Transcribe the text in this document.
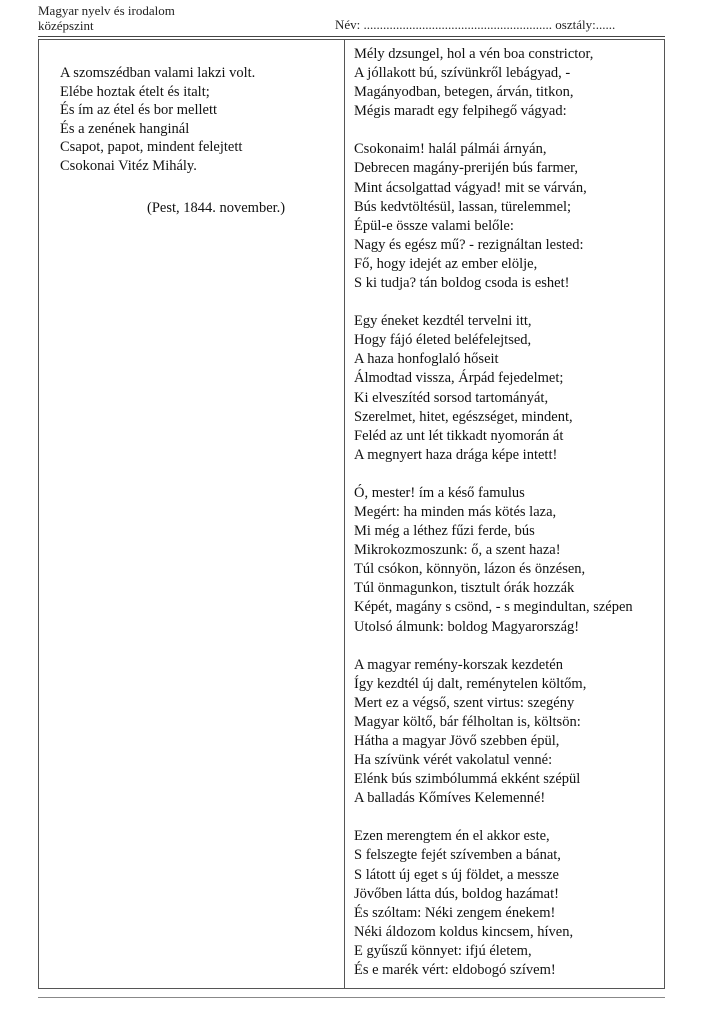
Magyar nyelv és irodalom
középszint	Név: .......................................................... osztály:......
A szomszédban valami lakzi volt.
Elébe hoztak ételt és italt;
És ím az étel és bor mellett
És a zenének hanginál
Csapot, papot, mindent felejtett
Csokonai Vitéz Mihály.
(Pest, 1844. november.)
Mély dzsungel, hol a vén boa constrictor,
A jóllakott bú, szívünkről lebágyad, -
Magányodban, betegen, árván, titkon,
Mégis maradt egy felpihegő vágyad:
Csokonaim! halál pálmái árnyán,
Debrecen magány-prerijén bús farmer,
Mint ácsolgattad vágyad! mit se várván,
Bús kedvtöltésül, lassan, türelemmel;
Épül-e össze valami belőle:
Nagy és egész mű? - rezignáltan lested:
Fő, hogy idejét az ember elölje,
S ki tudja? tán boldog csoda is eshet!
Egy éneket kezdtél tervelni itt,
Hogy fájó életed beléfelejtsed,
A haza honfoglaló hőseit
Álmodtad vissza, Árpád fejedelmet;
Ki elveszítéd sorsod tartományát,
Szerelmet, hitet, egészséget, mindent,
Feléd az unt lét tikkadt nyomorán át
A megnyert haza drága képe intett!
Ó, mester! ím a késő famulus
Megért: ha minden más kötés laza,
Mi még a léthez fűzi ferde, bús
Mikrokozmoszunk: ő, a szent haza!
Túl csókon, könnyön, lázon és önzésen,
Túl önmagunkon, tisztult órák hozzák
Képét, magány s csönd, - s megindultan, szépen
Utolsó álmunk: boldog Magyarország!
A magyar remény-korszak kezdetén
Így kezdtél új dalt, reménytelen költőm,
Mert ez a végső, szent virtus: szegény
Magyar költő, bár félholtan is, költsön:
Hátha a magyar Jövő szebben épül,
Ha szívünk vérét vakolatul venné:
Elénk bús szimbólummá ekként szépül
A balladás Kőmíves Kelemenné!
Ezen merengtem én el akkor este,
S felszegte fejét szívemben a bánat,
S látott új eget s új földet, a messze
Jövőben látta dús, boldog hazámat!
És szóltam: Néki zengem énekem!
Néki áldozom koldus kincsem, híven,
E gyűszű könnyet: ifjú életem,
És e marék vért: eldobogó szívem!
